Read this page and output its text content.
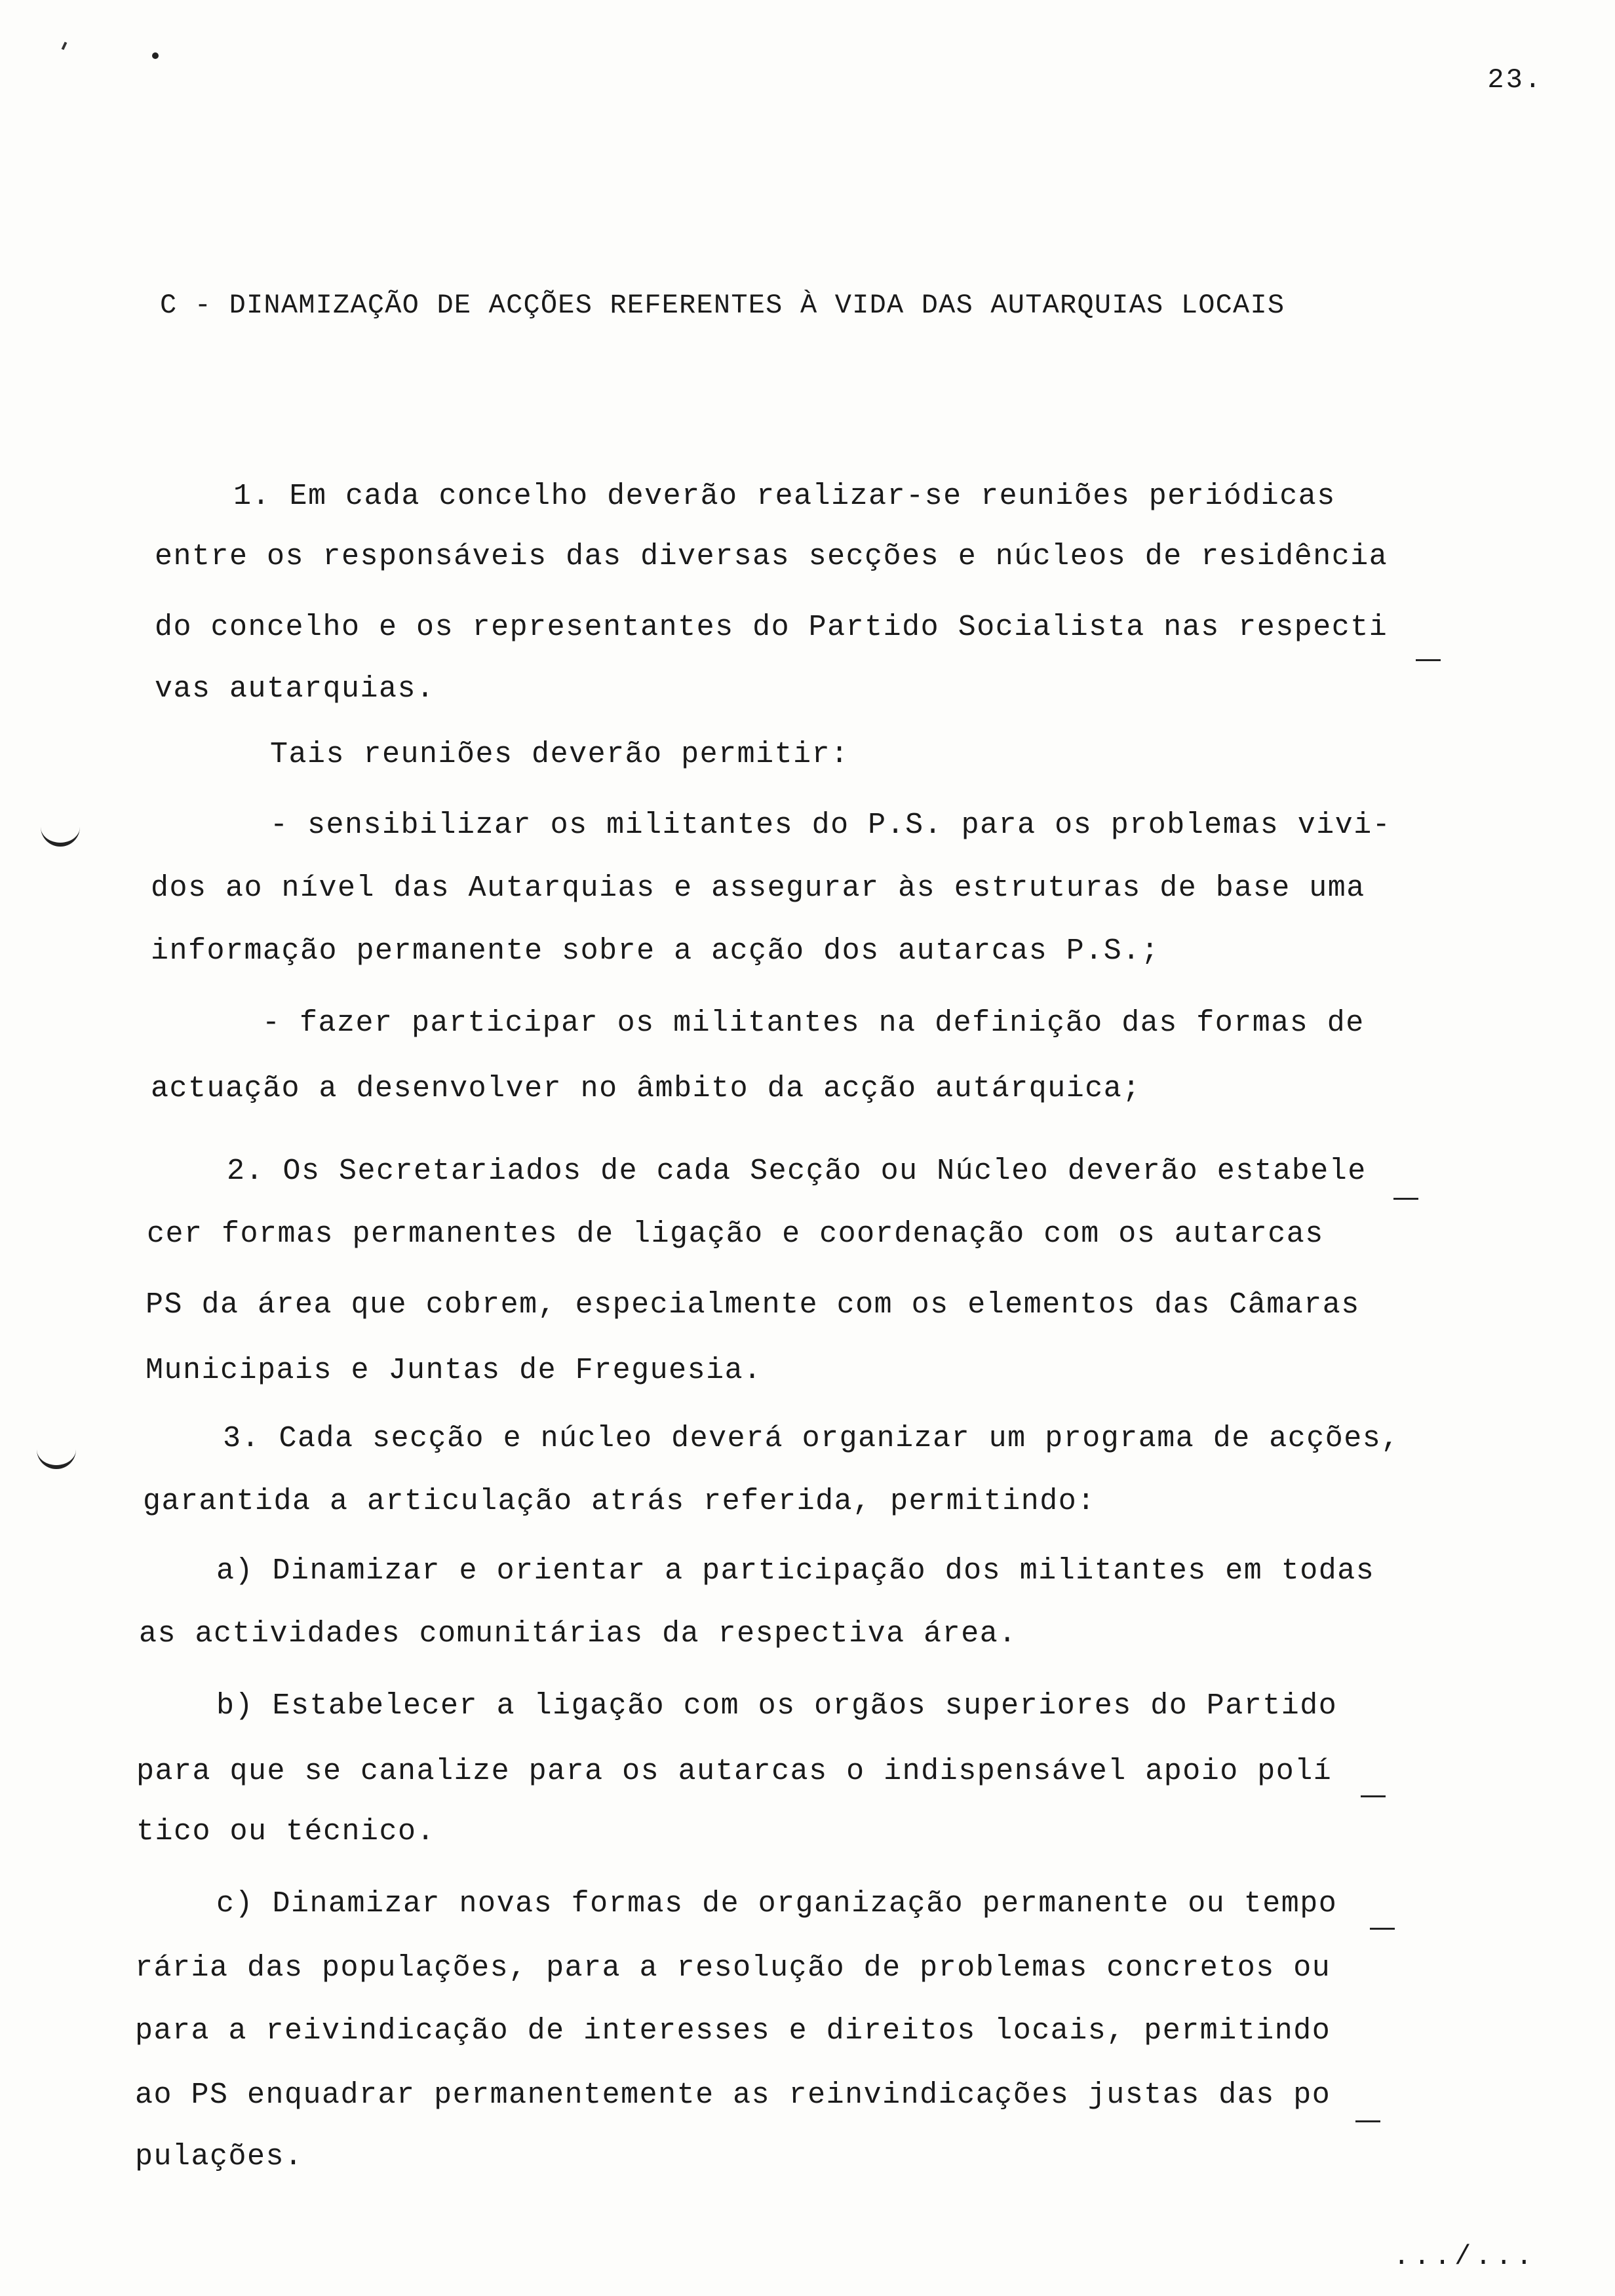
23.
C - DINAMIZAÇÃO DE ACÇÕES REFERENTES À VIDA DAS AUTARQUIAS LOCAIS
1. Em cada concelho deverão realizar-se reuniões periódicas
entre os responsáveis das diversas secções e núcleos de residência
do concelho e os representantes do Partido Socialista nas respecti
vas autarquias.
Tais reuniões deverão permitir:
- sensibilizar os militantes do P.S. para os problemas vivi-
dos ao nível das Autarquias e assegurar às estruturas de base uma
informação permanente sobre a acção dos autarcas P.S.;
- fazer participar os militantes na definição das formas de
actuação a desenvolver no âmbito da acção autárquica;
2. Os Secretariados de cada Secção ou Núcleo deverão estabele
cer formas permanentes de ligação e coordenação com os autarcas
PS da área que cobrem, especialmente com os elementos das Câmaras
Municipais e Juntas de Freguesia.
3. Cada secção e núcleo deverá organizar um programa de acções,
garantida a articulação atrás referida, permitindo:
a) Dinamizar e orientar a participação dos militantes em todas
as actividades comunitárias da respectiva área.
b) Estabelecer a ligação com os orgãos superiores do Partido
para que se canalize para os autarcas o indispensável apoio polí
tico ou técnico.
c) Dinamizar novas formas de organização permanente ou tempo
rária das populações, para a resolução de problemas concretos ou
para a reivindicação de interesses e direitos locais, permitindo
ao PS enquadrar permanentemente as reinvindicações justas das po
pulações.
.../...
